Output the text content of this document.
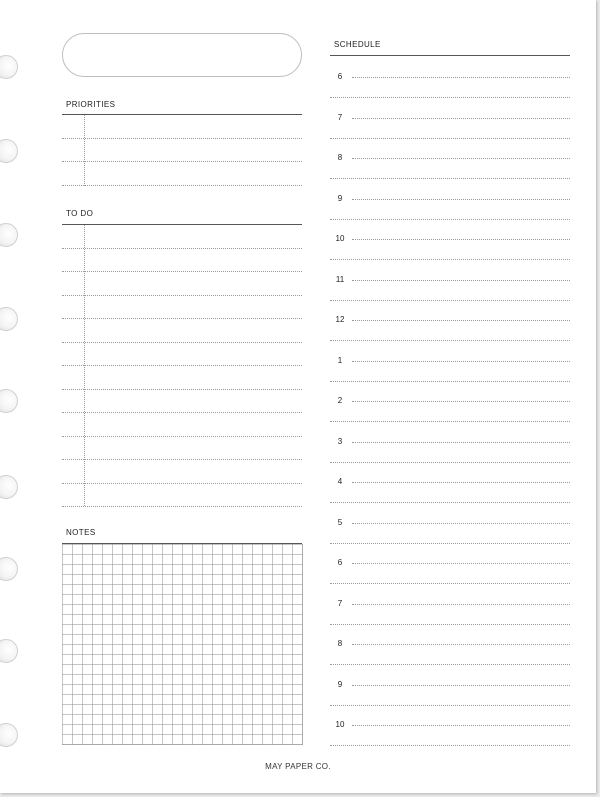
PRIORITIES
TO DO
NOTES
SCHEDULE
MAY PAPER CO.
6
7
8
9
10
11
12
1
2
3
4
5
6
7
8
9
10
